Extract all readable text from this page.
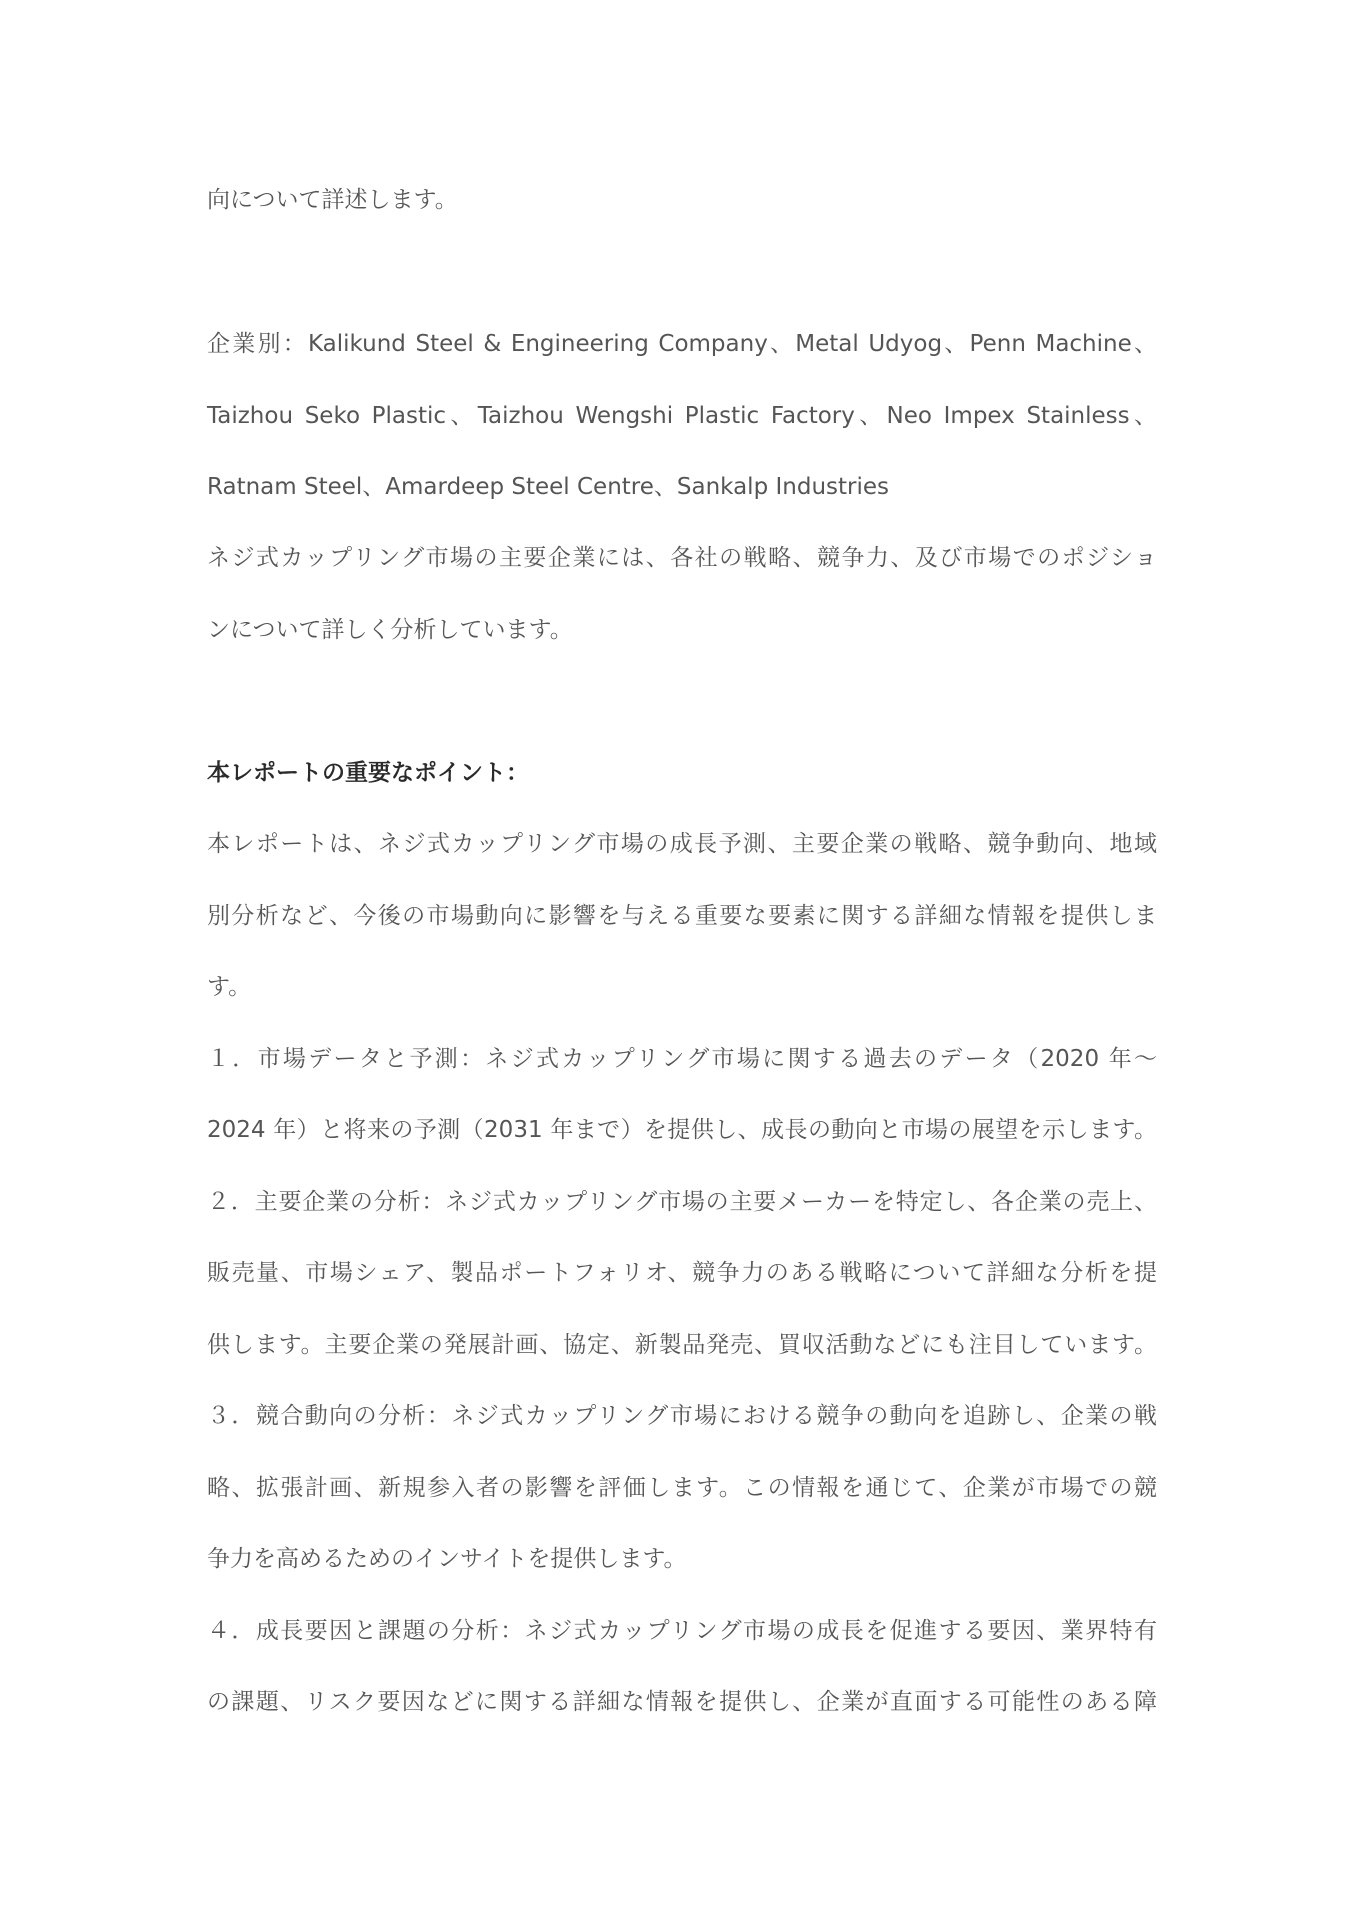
向について詳述します。
企業別：Kalikund Steel & Engineering Company、Metal Udyog、Penn Machine、
Taizhou Seko Plastic、Taizhou Wengshi Plastic Factory、Neo Impex Stainless、
Ratnam Steel、Amardeep Steel Centre、Sankalp Industries
ネジ式カップリング市場の主要企業には、各社の戦略、競争力、及び市場でのポジショ
ンについて詳しく分析しています。
本レポートの重要なポイント：
本レポートは、ネジ式カップリング市場の成長予測、主要企業の戦略、競争動向、地域
別分析など、今後の市場動向に影響を与える重要な要素に関する詳細な情報を提供しま
す。
１．市場データと予測：ネジ式カップリング市場に関する過去のデータ（2020 年～
2024 年）と将来の予測（2031 年まで）を提供し、成長の動向と市場の展望を示します。
２．主要企業の分析：ネジ式カップリング市場の主要メーカーを特定し、各企業の売上、
販売量、市場シェア、製品ポートフォリオ、競争力のある戦略について詳細な分析を提
供します。主要企業の発展計画、協定、新製品発売、買収活動などにも注目しています。
３．競合動向の分析：ネジ式カップリング市場における競争の動向を追跡し、企業の戦
略、拡張計画、新規参入者の影響を評価します。この情報を通じて、企業が市場での競
争力を高めるためのインサイトを提供します。
４．成長要因と課題の分析：ネジ式カップリング市場の成長を促進する要因、業界特有
の課題、リスク要因などに関する詳細な情報を提供し、企業が直面する可能性のある障
